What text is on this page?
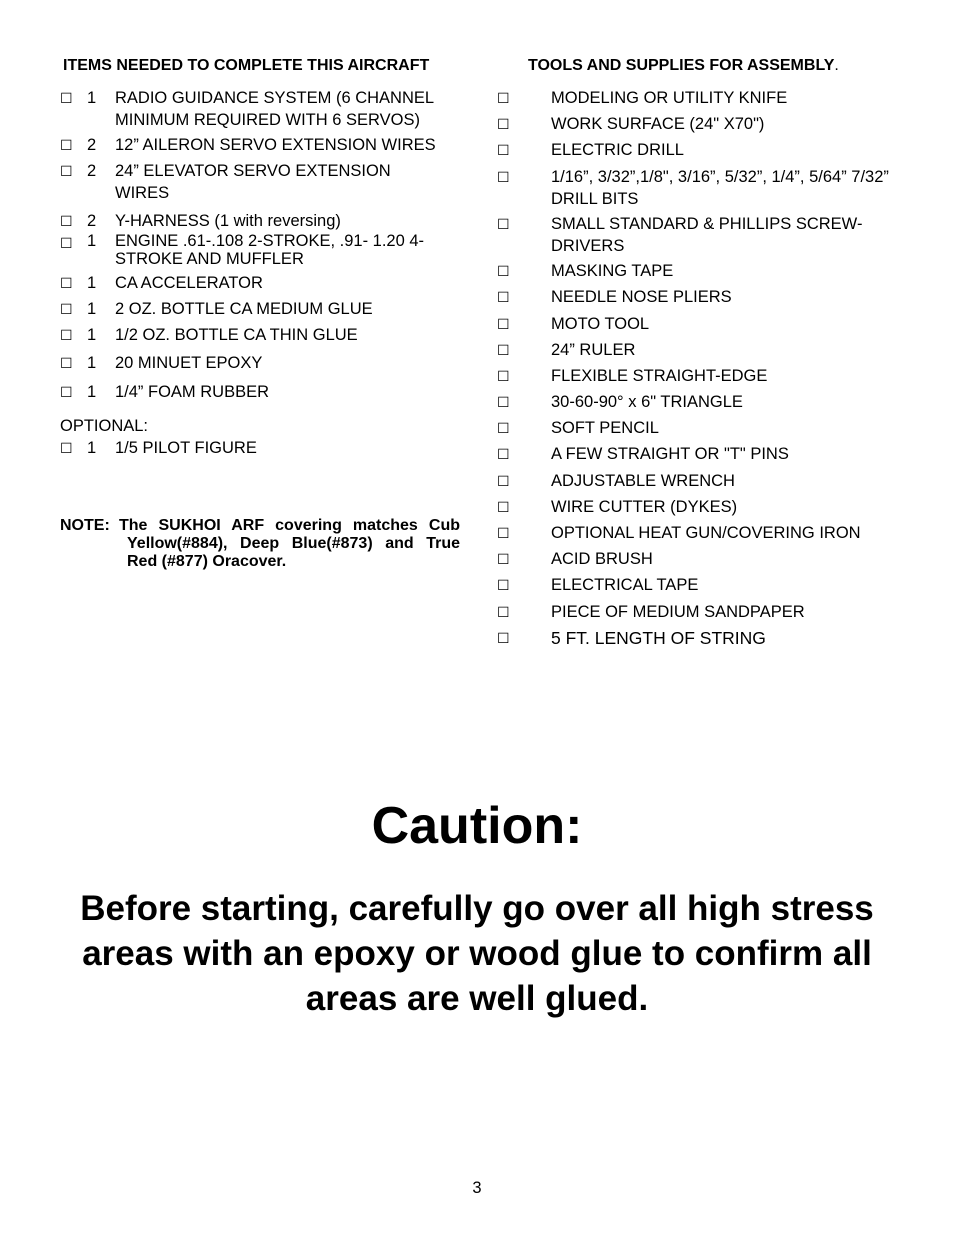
ITEMS NEEDED TO COMPLETE THIS AIRCRAFT
☐ 1 RADIO GUIDANCE SYSTEM (6 CHANNEL MINIMUM REQUIRED WITH 6 SERVOS)
☐ 2 12” AILERON SERVO EXTENSION WIRES
☐ 2 24” ELEVATOR SERVO EXTENSION WIRES
☐ 2 Y-HARNESS (1 with reversing)
☐ 1 ENGINE .61-.108 2-STROKE, .91- 1.20 4-STROKE AND MUFFLER
☐ 1 CA ACCELERATOR
☐ 1 2 OZ. BOTTLE CA MEDIUM GLUE
☐ 1 1/2 OZ. BOTTLE CA THIN GLUE
☐ 1 20 MINUET EPOXY
☐ 1 1/4” FOAM RUBBER
OPTIONAL:
☐ 1 1/5 PILOT FIGURE
NOTE: The SUKHOI ARF covering matches Cub Yellow(#884), Deep Blue(#873) and True Red (#877) Oracover.
TOOLS AND SUPPLIES FOR ASSEMBLY.
☐	MODELING OR UTILITY KNIFE
☐	WORK SURFACE (24" X70")
☐	ELECTRIC DRILL
☐	1/16”, 3/32”,1/8", 3/16”, 5/32”, 1/4”, 5/64” 7/32” DRILL BITS
☐	SMALL STANDARD & PHILLIPS SCREW-DRIVERS
☐	MASKING TAPE
☐	NEEDLE NOSE PLIERS
☐	MOTO TOOL
☐	24” RULER
☐	FLEXIBLE STRAIGHT-EDGE
☐	30-60-90° x 6" TRIANGLE
☐	SOFT PENCIL
☐	A FEW STRAIGHT OR "T" PINS
☐	ADJUSTABLE WRENCH
☐	WIRE CUTTER (DYKES)
☐	OPTIONAL HEAT GUN/COVERING IRON
☐	ACID BRUSH
☐	ELECTRICAL TAPE
☐	PIECE OF MEDIUM SANDPAPER
☐ 5 FT. LENGTH OF STRING
Caution:
Before starting, carefully go over all high stress areas with an epoxy or wood glue to confirm all areas are well glued.
3
